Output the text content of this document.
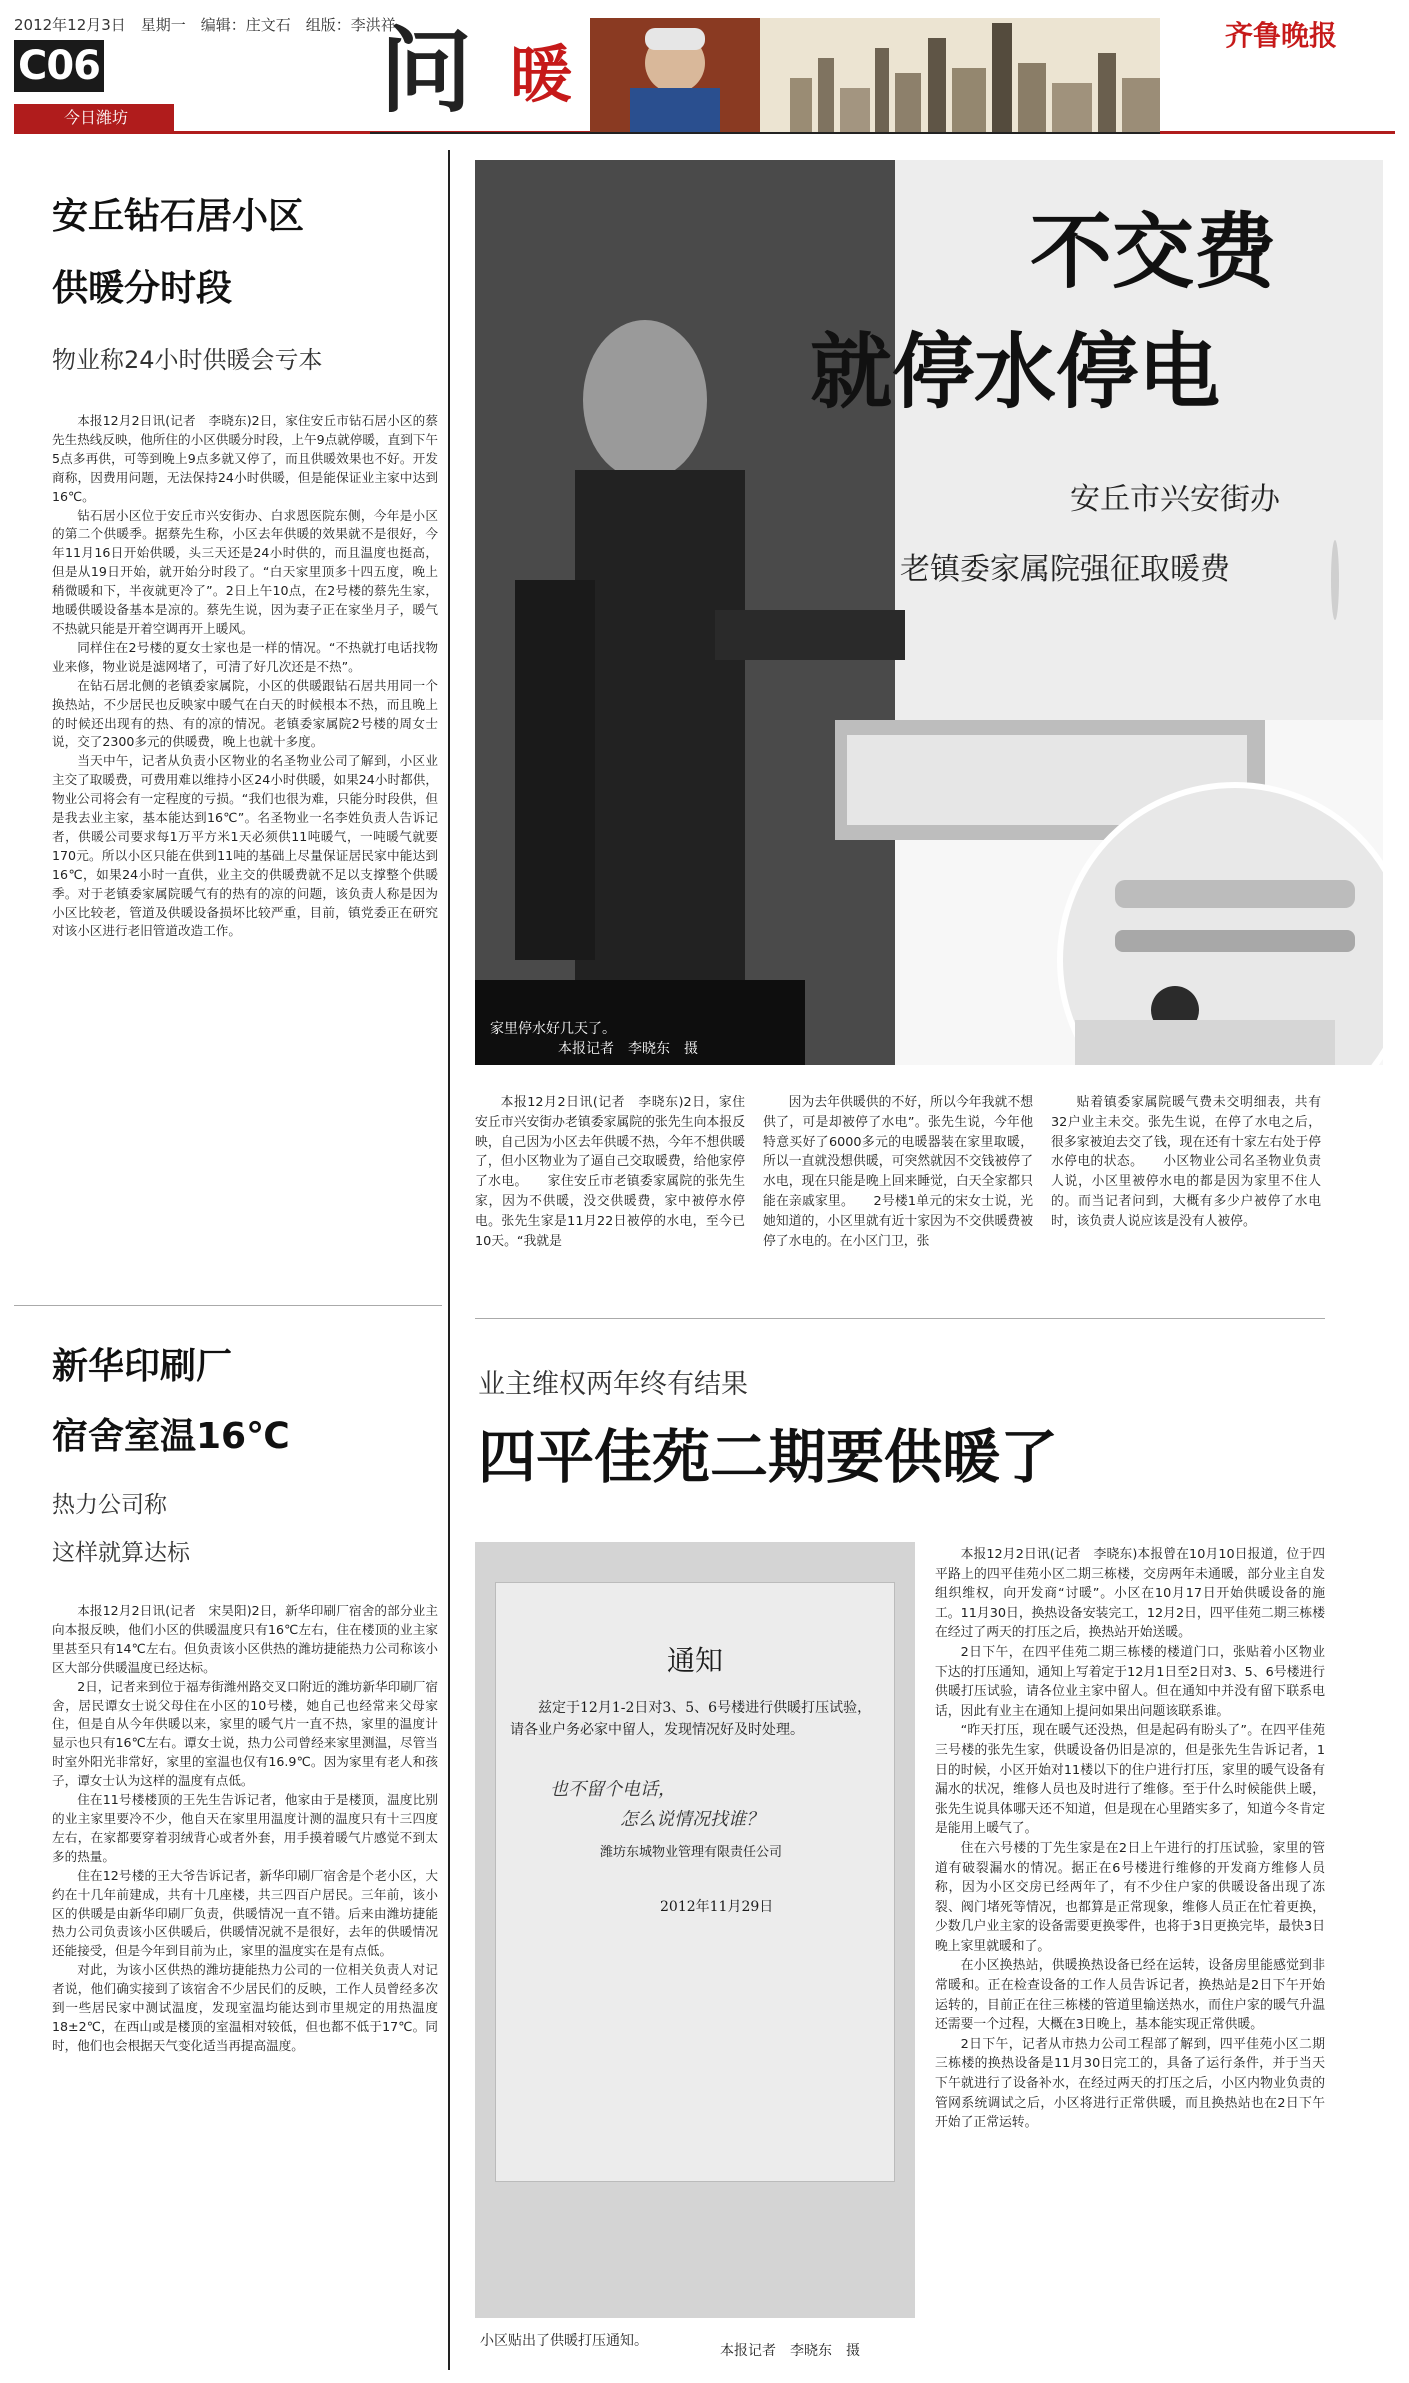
2012年12月3日　星期一　编辑：庄文石　组版：李洪祥
C06
今日潍坊	问 暖
齐鲁晚报
安丘钻石居小区
供暖分时段
物业称24小时供暖会亏本

本报12月2日讯(记者　李晓东)2日，家住安丘市钻石居小区的蔡先生热线反映，他所住的小区供暖分时段，上午9点就停暖，直到下午5点多再供，可等到晚上9点多就又停了，而且供暖效果也不好。开发商称，因费用问题，无法保持24小时供暖，但是能保证业主家中达到16℃。

钻石居小区位于安丘市兴安街办、白求恩医院东侧，今年是小区的第二个供暖季。据蔡先生称，小区去年供暖的效果就不是很好，今年11月16日开始供暖，头三天还是24小时供的，而且温度也挺高，但是从19日开始，就开始分时段了。“白天家里顶多十四五度，晚上稍微暖和下，半夜就更冷了”。2日上午10点，在2号楼的蔡先生家，地暖供暖设备基本是凉的。蔡先生说，因为妻子正在家坐月子，暖气不热就只能是开着空调再开上暖风。

同样住在2号楼的夏女士家也是一样的情况。“不热就打电话找物业来修，物业说是滤网堵了，可清了好几次还是不热”。

在钻石居北侧的老镇委家属院，小区的供暖跟钻石居共用同一个换热站，不少居民也反映家中暖气在白天的时候根本不热，而且晚上的时候还出现有的热、有的凉的情况。老镇委家属院2号楼的周女士说，交了2300多元的供暖费，晚上也就十多度。

当天中午，记者从负责小区物业的名圣物业公司了解到，小区业主交了取暖费，可费用难以维持小区24小时供暖，如果24小时都供，物业公司将会有一定程度的亏损。“我们也很为难，只能分时段供，但是我去业主家，基本能达到16℃”。名圣物业一名李姓负责人告诉记者，供暖公司要求每1万平方米1天必须供11吨暖气，一吨暖气就要170元。所以小区只能在供到11吨的基础上尽量保证居民家中能达到16℃，如果24小时一直供，业主交的供暖费就不足以支撑整个供暖季。对于老镇委家属院暖气有的热有的凉的问题，该负责人称是因为小区比较老，管道及供暖设备损坏比较严重，目前，镇党委正在研究对该小区进行老旧管道改造工作。

新华印刷厂
宿舍室温16℃
热力公司称
这样就算达标

本报12月2日讯(记者　宋昊阳)2日，新华印刷厂宿舍的部分业主向本报反映，他们小区的供暖温度只有16℃左右，住在楼顶的业主家里甚至只有14℃左右。但负责该小区供热的潍坊捷能热力公司称该小区大部分供暖温度已经达标。

2日，记者来到位于福寿街潍州路交叉口附近的潍坊新华印刷厂宿舍，居民谭女士说父母住在小区的10号楼，她自己也经常来父母家住，但是自从今年供暖以来，家里的暖气片一直不热，家里的温度计显示也只有16℃左右。谭女士说，热力公司曾经来家里测温，尽管当时室外阳光非常好，家里的室温也仅有16.9℃。因为家里有老人和孩子，谭女士认为这样的温度有点低。

住在11号楼楼顶的王先生告诉记者，他家由于是楼顶，温度比别的业主家里要冷不少，他自天在家里用温度计测的温度只有十三四度左右，在家都要穿着羽绒背心或者外套，用手摸着暖气片感觉不到太多的热量。

住在12号楼的王大爷告诉记者，新华印刷厂宿舍是个老小区，大约在十几年前建成，共有十几座楼，共三四百户居民。三年前，该小区的供暖是由新华印刷厂负责，供暖情况一直不错。后来由潍坊捷能热力公司负责该小区供暖后，供暖情况就不是很好，去年的供暖情况还能接受，但是今年到目前为止，家里的温度实在是有点低。

对此，为该小区供热的潍坊捷能热力公司的一位相关负责人对记者说，他们确实接到了该宿舍不少居民们的反映，工作人员曾经多次到一些居民家中测试温度，发现室温均能达到市里规定的用热温度18±2℃，在西山或是楼顶的室温相对较低，但也都不低于17℃。同时，他们也会根据天气变化适当再提高温度。

不交费
就停水停电
安丘市兴安街办
老镇委家属院强征取暖费
家里停水好几天了。
本报记者　李晓东　摄
本报12月2日讯(记者　李晓东)2日，家住安丘市兴安街办老镇委家属院的张先生向本报反映，自己因为小区去年供暖不热，今年不想供暖了，但小区物业为了逼自己交取暖费，给他家停了水电。　　家住安丘市老镇委家属院的张先生家，因为不供暖，没交供暖费，家中被停水停电。张先生家是11月22日被停的水电，至今已10天。“我就是
因为去年供暖供的不好，所以今年我就不想供了，可是却被停了水电”。张先生说，今年他特意买好了6000多元的电暖器装在家里取暖，所以一直就没想供暖，可突然就因不交钱被停了水电，现在只能是晚上回来睡觉，白天全家都只能在亲戚家里。　　2号楼1单元的宋女士说，光她知道的，小区里就有近十家因为不交供暖费被停了水电的。在小区门卫，张
贴着镇委家属院暖气费未交明细表，共有32户业主未交。张先生说，在停了水电之后，很多家被迫去交了钱，现在还有十家左右处于停水停电的状态。　　小区物业公司名圣物业负责人说，小区里被停水电的都是因为家里不住人的。而当记者问到，大概有多少户被停了水电时，该负责人说应该是没有人被停。
业主维权两年终有结果
四平佳苑二期要供暖了
通知
兹定于12月1-2日对3、5、6号楼进行供暖打压试验，请各业户务必家中留人，发现情况好及时处理。
也不留个电话，
怎么说情况找谁？
潍坊东城物业管理有限责任公司
2012年11月29日
小区贴出了供暖打压通知。
本报记者　李晓东　摄

本报12月2日讯(记者　李晓东)本报曾在10月10日报道，位于四平路上的四平佳苑小区二期三栋楼，交房两年未通暖，部分业主自发组织维权，向开发商“讨暖”。小区在10月17日开始供暖设备的施工。11月30日，换热设备安装完工，12月2日，四平佳苑二期三栋楼在经过了两天的打压之后，换热站开始送暖。

2日下午，在四平佳苑二期三栋楼的楼道门口，张贴着小区物业下达的打压通知，通知上写着定于12月1日至2日对3、5、6号楼进行供暖打压试验，请各位业主家中留人。但在通知中并没有留下联系电话，因此有业主在通知上提问如果出问题该联系谁。

“昨天打压，现在暖气还没热，但是起码有盼头了”。在四平佳苑三号楼的张先生家，供暖设备仍旧是凉的，但是张先生告诉记者，1日的时候，小区开始对11楼以下的住户进行打压，家里的暖气设备有漏水的状况，维修人员也及时进行了维修。至于什么时候能供上暖，张先生说具体哪天还不知道，但是现在心里踏实多了，知道今冬肯定是能用上暖气了。

住在六号楼的丁先生家是在2日上午进行的打压试验，家里的管道有破裂漏水的情况。据正在6号楼进行维修的开发商方维修人员称，因为小区交房已经两年了，有不少住户家的供暖设备出现了冻裂、阀门堵死等情况，也都算是正常现象，维修人员正在忙着更换，少数几户业主家的设备需要更换零件，也将于3日更换完毕，最快3日晚上家里就暖和了。

在小区换热站，供暖换热设备已经在运转，设备房里能感觉到非常暖和。正在检查设备的工作人员告诉记者，换热站是2日下午开始运转的，目前正在往三栋楼的管道里输送热水，而住户家的暖气升温还需要一个过程，大概在3日晚上，基本能实现正常供暖。

2日下午，记者从市热力公司工程部了解到，四平佳苑小区二期三栋楼的换热设备是11月30日完工的，具备了运行条件，并于当天下午就进行了设备补水，在经过两天的打压之后，小区内物业负责的管网系统调试之后，小区将进行正常供暖，而且换热站也在2日下午开始了正常运转。
